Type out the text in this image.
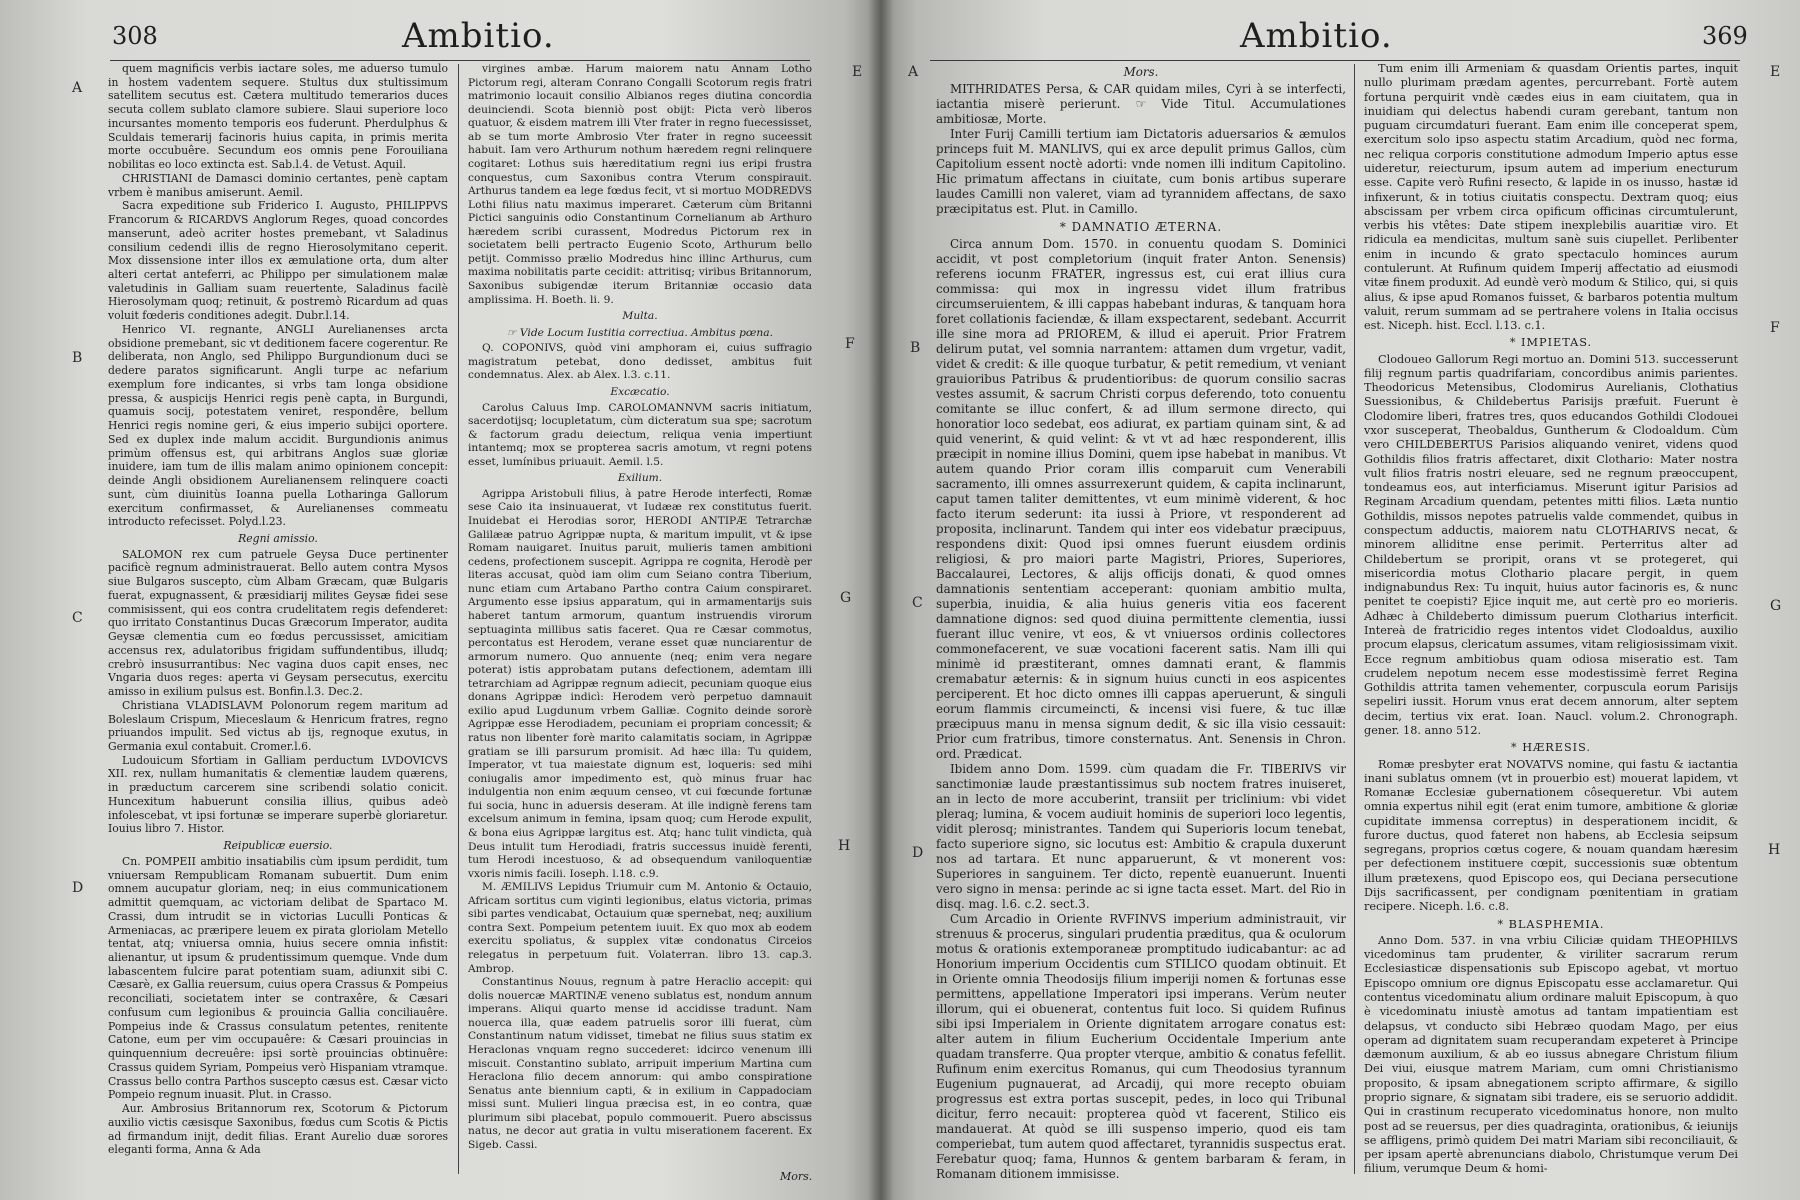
308	Ambitio.
A
B
C
D
E
F
G
H

quem magnificis verbis iactare soles, me aduerso tumulo in hostem vadentem sequere. Stultus dux stultissimum satellitem secutus est. Cætera multitudo temerarios duces secuta collem sublato clamore subiere. Slaui superiore loco incursantes momento temporis eos fuderunt. Pherdulphus & Sculdais temerarij facinoris huius capita, in primis merita morte occubuêre. Secundum eos omnis pene Forouiliana nobilitas eo loco extincta est. Sab.l.4. de Vetust. Aquil.

CHRISTIANI de Damasci dominio certantes, penè captam vrbem è manibus amiserunt. Aemil.

Sacra expeditione sub Friderico I. Augusto, PHILIPPVS Francorum & RICARDVS Anglorum Reges, quoad concordes manserunt, adeò acriter hostes premebant, vt Saladinus consilium cedendi illis de regno Hierosolymitano ceperit. Mox dissensione inter illos ex æmulatione orta, dum alter alteri certat anteferri, ac Philippo per simulationem malæ valetudinis in Galliam suam reuertente, Saladinus facilè Hierosolymam quoq; retinuit, & postremò Ricardum ad quas voluit fœderis conditiones adegit. Dubr.l.14.

Henrico VI. regnante, ANGLI Aurelianenses arcta obsidione premebant, sic vt deditionem facere cogerentur. Re deliberata, non Anglo, sed Philippo Burgundionum duci se dedere paratos significarunt. Angli turpe ac nefarium exemplum fore indicantes, si vrbs tam longa obsidione pressa, & auspicijs Henrici regis penè capta, in Burgundi, quamuis socij, potestatem veniret, respondêre, bellum Henrici regis nomine geri, & eius imperio subijci oportere. Sed ex duplex inde malum accidit. Burgundionis animus primùm offensus est, qui arbitrans Anglos suæ gloriæ inuidere, iam tum de illis malam animo opinionem concepit: deinde Angli obsidionem Aurelianensem relinquere coacti sunt, cùm diuinitùs Ioanna puella Lotharinga Gallorum exercitum confirmasset, & Aurelianenses commeatu introducto refecisset. Polyd.l.23.

Regni amissio.

SALOMON rex cum patruele Geysa Duce pertinenter pacificè regnum administrauerat. Bello autem contra Mysos siue Bulgaros suscepto, cùm Albam Græcam, quæ Bulgaris fuerat, expugnassent, & præsidiarij milites Geysæ fidei sese commisissent, qui eos contra crudelitatem regis defenderet: quo irritato Constantinus Ducas Græcorum Imperator, audita Geysæ clementia cum eo fœdus percussisset, amicitiam accensus rex, adulatoribus frigidam suffundentibus, illudq; crebrò insusurrantibus: Nec vagina duos capit enses, nec Vngaria duos reges: aperta vi Geysam persecutus, exercitu amisso in exilium pulsus est. Bonfin.l.3. Dec.2.

Christiana VLADISLAVM Polonorum regem maritum ad Boleslaum Crispum, Mieceslaum & Henricum fratres, regno priuandos impulit. Sed victus ab ijs, regnoque exutus, in Germania exul contabuit. Cromer.l.6.

Ludouicum Sfortiam in Galliam perductum LVDOVICVS XII. rex, nullam humanitatis & clementiæ laudem quærens, in præductum carcerem sine scribendi solatio conicit. Huncexitum habuerunt consilia illius, quibus adeò infolescebat, vt ipsi fortunæ se imperare superbè gloriaretur. Iouius libro 7. Histor.

Reipublicæ euersio.

Cn. POMPEII ambitio insatiabilis cùm ipsum perdidit, tum vniuersam Rempublicam Romanam subuertit. Dum enim omnem aucupatur gloriam, neq; in eius communicationem admittit quemquam, ac victoriam delibat de Spartaco M. Crassi, dum intrudit se in victorias Luculli Ponticas & Armeniacas, ac præripere leuem ex pirata gloriolam Metello tentat, atq; vniuersa omnia, huius secere omnia infistit: alienantur, ut ipsum & prudentissimum quemque. Vnde dum labascentem fulcire parat potentiam suam, adiunxit sibi C. Cæsarè, ex Gallia reuersum, cuius opera Crassus & Pompeius reconciliati, societatem inter se contraxêre, & Cæsari confusum cum legionibus & prouincia Gallia conciliauêre. Pompeius inde & Crassus consulatum petentes, renitente Catone, eum per vim occupauêre: & Cæsari prouincias in quinquennium decreuêre: ipsi sortè prouincias obtinuêre: Crassus quidem Syriam, Pompeius verò Hispaniam vtramque. Crassus bello contra Parthos suscepto cæsus est. Cæsar victo Pompeio regnum inuasit. Plut. in Crasso.

Aur. Ambrosius Britannorum rex, Scotorum & Pictorum auxilio victis cæsisque Saxonibus, fœdus cum Scotis & Pictis ad firmandum inijt, dedit filias. Erant Aurelio duæ sorores eleganti forma, Anna & Ada

virgines ambæ. Harum maiorem natu Annam Lotho Pictorum regi, alteram Conrano Congalli Scotorum regis fratri matrimonio locauit consilio Albianos reges diutina concordia deuinciendi. Scota bienniò post obijt: Picta verò liberos quatuor, & eisdem matrem illi Vter frater in regno fuecessisset, ab se tum morte Ambrosio Vter frater in regno suceessit habuit. Iam vero Arthurum nothum hæredem regni relinquere cogitaret: Lothus suis hæreditatium regni ius eripi frustra conquestus, cum Saxonibus contra Vterum conspirauit. Arthurus tandem ea lege fœdus fecit, vt si mortuo MODREDVS Lothi filius natu maximus imperaret. Cæterum cùm Britanni Pictici sanguinis odio Constantinum Cornelianum ab Arthuro hæredem scribi curassent, Modredus Pictorum rex in societatem belli pertracto Eugenio Scoto, Arthurum bello petijt. Commisso prælio Modredus hinc illinc Arthurus, cum maxima nobilitatis parte cecidit: attritisq; viribus Britannorum, Saxonibus subigendæ iterum Britanniæ occasio data amplissima. H. Boeth. li. 9.

Multa.

☞ Vide Locum Iustitia correctiua. Ambitus pœna.

Q. COPONIVS, quòd vini amphoram ei, cuius suffragio magistratum petebat, dono dedisset, ambitus fuit condemnatus. Alex. ab Alex. l.3. c.11.

Excæcatio.

Carolus Caluus Imp. CAROLOMANNVM sacris initiatum, sacerdotijsq; locupletatum, cùm dicteratum sua spe; sacrotum & factorum gradu deiectum, reliqua venia impertiunt intantemq; mox se propterea sacris amotum, vt regni potens esset, lumínibus priuauit. Aemil. l.5.

Exilium.

Agrippa Aristobuli filius, à patre Herode interfecti, Romæ sese Caio ita insinuauerat, vt Iudææ rex constitutus fuerit. Inuidebat ei Herodias soror, HERODI ANTIPÆ Tetrarchæ Galilææ patruo Agrippæ nupta, & maritum impulit, vt & ipse Romam nauigaret. Inuitus paruit, mulieris tamen ambitioni cedens, profectionem suscepit. Agrippa re cognita, Herodè per literas accusat, quòd iam olim cum Seiano contra Tiberium, nunc etiam cum Artabano Partho contra Caium conspiraret. Argumento esse ipsius apparatum, qui in armamentarijs suis haberet tantum armorum, quantum instruendis virorum septuaginta millibus satis faceret. Qua re Cæsar commotus, percontatus est Herodem, verane esset quæ nunciarentur de armorum numero. Quo annuente (neq; enim vera negare poterat) istis approbatam putans defectionem, ademtam illi tetrarchiam ad Agrippæ regnum adiecit, pecuniam quoque eius donans Agrippæ indicì: Herodem verò perpetuo damnauit exilio apud Lugdunum vrbem Galliæ. Cognito deinde sororè Agrippæ esse Herodiadem, pecuniam ei propriam concessit; & ratus non libenter forè marito calamitatis sociam, in Agrippæ gratiam se illi parsurum promisit. Ad hæc illa: Tu quidem, Imperator, vt tua maiestate dignum est, loqueris: sed mihi coniugalis amor impedimento est, quò minus fruar hac indulgentia non enim æquum censeo, vt cui fœcunde fortunæ fui socia, hunc in aduersis deseram. At ille indignè ferens tam excelsum animum in femina, ipsam quoq; cum Herode expulit, & bona eius Agrippæ largitus est. Atq; hanc tulit vindicta, quà Deus intulit tum Herodiadi, fratris successus inuidè ferenti, tum Herodi incestuoso, & ad obsequendum vaniloquentiæ vxoris nimis facili. Ioseph. l.18. c.9.

M. ÆMILIVS Lepidus Triumuir cum M. Antonio & Octauio, Africam sortitus cum viginti legionibus, elatus victoria, primas sibi partes vendicabat, Octauium quæ spernebat, neq; auxilium contra Sext. Pompeium petentem iuuit. Ex quo mox ab eodem exercitu spoliatus, & supplex vitæ condonatus Circeios relegatus in perpetuum fuit. Volaterran. libro 13. cap.3. Ambrop.

Constantinus Nouus, regnum à patre Heraclio accepit: qui dolis nouercæ MARTINÆ veneno sublatus est, nondum annum imperans. Aliqui quarto mense id accidisse tradunt. Nam nouerca illa, quæ eadem patruelis soror illi fuerat, cùm Constantinum natum vidisset, timebat ne filius suus statim ex Heraclonas vnquam regno succederet: idcirco venenum illi miscuit. Constantino sublato, arripuit imperium Martina cum Heraclona filio decem annorum: qui ambo conspiratione Senatus ante biennium capti, & in exilium in Cappadociam missi sunt. Mulieri lingua præcisa est, in eo contra, quæ plurimum sibi placebat, populo commouerit. Puero abscissus natus, ne decor aut gratia in vultu miserationem facerent. Ex Sigeb. Cassi.

Mors.
Ambitio.	369
A
B
C
D
E
F
G
H

Mors.

MITHRIDATES Persa, & CAR quidam miles, Cyri à se interfecti, iactantia miserè perierunt. ☞ Vide Titul. Accumulationes ambitiosæ, Morte.

Inter Furij Camilli tertium iam Dictatoris aduersarios & æmulos princeps fuit M. MANLIVS, qui ex arce depulit primus Gallos, cùm Capitolium essent noctè adorti: vnde nomen illi inditum Capitolino. Hic primatum affectans in ciuitate, cum bonis artibus superare laudes Camilli non valeret, viam ad tyrannidem affectans, de saxo præcipitatus est. Plut. in Camillo.

* DAMNATIO ÆTERNA.

Circa annum Dom. 1570. in conuentu quodam S. Dominici accidit, vt post completorium (inquit frater Anton. Senensis) referens iocunm FRATER, ingressus est, cui erat illius cura commissa: qui mox in ingressu videt illum fratribus circumseruientem, & illi cappas habebant induras, & tanquam hora foret collationis faciendæ, & illam exspectarent, sedebant. Accurrit ille sine mora ad PRIOREM, & illud ei aperuit. Prior Fratrem delirum putat, vel somnia narrantem: attamen dum vrgetur, vadit, videt & credit: & ille quoque turbatur, & petit remedium, vt veniant grauioribus Patribus & prudentioribus: de quorum consilio sacras vestes assumit, & sacrum Christi corpus deferendo, toto conuentu comitante se illuc confert, & ad illum sermone directo, qui honoratior loco sedebat, eos adiurat, ex partiam quinam sint, & ad quid venerint, & quid velint: & vt vt ad hæc responderent, illis præcipit in nomine illius Domini, quem ipse habebat in manibus. Vt autem quando Prior coram illis comparuit cum Venerabili sacramento, illi omnes assurrexerunt quidem, & capita inclinarunt, caput tamen taliter demittentes, vt eum minimè viderent, & hoc facto iterum sederunt: ita iussi à Priore, vt responderent ad proposita, inclinarunt. Tandem qui inter eos videbatur præcipuus, respondens dixit: Quod ipsi omnes fuerunt eiusdem ordinis religiosi, & pro maiori parte Magistri, Priores, Superiores, Baccalaurei, Lectores, & alijs officijs donati, & quod omnes damnationis sententiam acceperant: quoniam ambitio multa, superbia, inuidia, & alia huius generis vitia eos facerent damnatione dignos: sed quod diuina permittente clementia, iussi fuerant illuc venire, vt eos, & vt vniuersos ordinis collectores commonefacerent, ve suæ vocationi facerent satis. Nam illi qui minimè id præstiterant, omnes damnati erant, & flammis cremabatur æternis: & in signum huius cuncti in eos aspicentes perciperent. Et hoc dicto omnes illi cappas aperuerunt, & singuli eorum flammis circumeincti, & incensi visi fuere, & tuc illæ præcipuus manu in mensa signum dedit, & sic illa visio cessauit: Prior cum fratribus, timore consternatus. Ant. Senensis in Chron. ord. Prædicat.

Ibidem anno Dom. 1599. cùm quadam die Fr. TIBERIVS vir sanctimoniæ laude præstantissimus sub noctem fratres inuiseret, an in lecto de more accuberint, transiit per triclinium: vbi videt pleraq; lumina, & vocem audiuit hominis de superiori loco legentis, vidit plerosq; ministrantes. Tandem qui Superioris locum tenebat, facto superiore signo, sic locutus est: Ambitio & crapula duxerunt nos ad tartara. Et nunc apparuerunt, & vt monerent vos: Superiores in sanguinem. Ter dicto, repentè euanuerunt. Inuenti vero signo in mensa: perinde ac si igne tacta esset. Mart. del Rio in disq. mag. l.6. c.2. sect.3.

Cum Arcadio in Oriente RVFINVS imperium administrauit, vir strenuus & procerus, singulari prudentia præditus, qua & oculorum motus & orationis extemporaneæ promptitudo iudicabantur: ac ad Honorium imperium Occidentis cum STILICO quodam obtinuit. Et in Oriente omnia Theodosijs filium imperiji nomen & fortunas esse permittens, appellatione Imperatori ipsi imperans. Verùm neuter illorum, qui ei obuenerat, contentus fuit loco. Si quidem Rufinus sibi ipsi Imperialem in Oriente dignitatem arrogare conatus est: alter autem in filium Eucherium Occidentale Imperium ante quadam transferre. Qua propter vterque, ambitio & conatus fefellit. Rufinum enim exercitus Romanus, qui cum Theodosius tyrannum Eugenium pugnauerat, ad Arcadij, qui more recepto obuiam progressus est extra portas suscepit, pedes, in loco qui Tribunal dicitur, ferro necauit: propterea quòd vt facerent, Stilico eis mandauerat. At quòd se illi suspenso imperio, quod eis tam comperiebat, tum autem quod affectaret, tyrannidis suspectus erat. Ferebatur quoq; fama, Hunnos & gentem barbaram & feram, in Romanam ditionem immisisse.

Tum enim illi Armeniam & quasdam Orientis partes, inquit nullo plurimam prædam agentes, percurrebant. Fortè autem fortuna perquirit vndè cædes eius in eam ciuitatem, qua in inuidiam qui delectus habendi curam gerebant, tantum non puguam circumdaturi fuerant. Eam enim ille conceperat spem, exercitum solo ipso aspectu statim Arcadium, quòd nec forma, nec reliqua corporis constitutione admodum Imperio aptus esse uideretur, reiecturum, ipsum autem ad imperium enecturum esse. Capite verò Rufini resecto, & lapide in os inusso, hastæ id infixerunt, & in totius ciuitatis conspectu. Dextram quoq; eius abscissam per vrbem circa opificum officinas circumtulerunt, verbis his vtêtes: Date stipem inexplebilis auaritiæ viro. Et ridicula ea mendicitas, multum sanè suis ciupellet. Perlibenter enim in incundo & grato spectaculo hominces aurum contulerunt. At Rufinum quidem Imperij affectatio ad eiusmodi vitæ finem produxit. Ad eundè verò modum & Stilico, qui, si quis alius, & ipse apud Romanos fuisset, & barbaros potentia multum valuit, rerum summam ad se pertrahere volens in Italia occisus est. Niceph. hist. Eccl. l.13. c.1.

* IMPIETAS.

Clodoueo Gallorum Regi mortuo an. Domini 513. successerunt filij regnum partis quadrifariam, concordibus animis parientes. Theodoricus Metensibus, Clodomirus Aurelianis, Clothatius Suessionibus, & Childebertus Parisijs præfuit. Fuerunt è Clodomire liberi, fratres tres, quos educandos Gothildi Clodouei vxor susceperat, Theobaldus, Guntherum & Clodoaldum. Cùm vero CHILDEBERTUS Parisios aliquando veniret, videns quod Gothildis filios fratris affectaret, dixit Clothario: Mater nostra vult filios fratris nostri eleuare, sed ne regnum præoccupent, tondeamus eos, aut interficiamus. Miserunt igitur Parisios ad Reginam Arcadium quendam, petentes mitti filios. Læta nuntio Gothildis, missos nepotes patruelis valde commendet, quibus in conspectum adductis, maiorem natu CLOTHARIVS necat, & minorem alliditne ense perimit. Perterritus alter ad Childebertum se proripit, orans vt se protegeret, qui misericordia motus Clothario placare pergit, in quem indignabundus Rex: Tu inquit, huius autor facinoris es, & nunc penitet te coepisti? Ejice inquit me, aut certè pro eo morieris. Adhæc à Childeberto dimissum puerum Clotharius interficit. Intereà de fratricidio reges intentos videt Clodoaldus, auxilio procum elapsus, clericatum assumes, vitam religiosissimam vixit. Ecce regnum ambitiobus quam odiosa miseratio est. Tam crudelem nepotum necem esse modestissimè ferret Regina Gothildis attrita tamen vehementer, corpuscula eorum Parisijs sepeliri iussit. Horum vnus erat decem annorum, alter septem decim, tertius vix erat. Ioan. Naucl. volum.2. Chronograph. gener. 18. anno 512.

* HÆRESIS.

Romæ presbyter erat NOVATVS nomine, qui fastu & iactantia inani sublatus omnem (vt in prouerbio est) mouerat lapidem, vt Romanæ Ecclesiæ gubernationem côsequeretur. Vbi autem omnia expertus nihil egit (erat enim tumore, ambitione & gloriæ cupiditate immensa correptus) in desperationem incidit, & furore ductus, quod fateret non habens, ab Ecclesia seipsum segregans, proprios cœtus cogere, & nouam quandam hæresim per defectionem instituere cœpit, successionis suæ obtentum illum prætexens, quod Episcopo eos, qui Deciana persecutione Dijs sacrificassent, per condignam pœnitentiam in gratiam recipere. Niceph. l.6. c.8.

* BLASPHEMIA.

Anno Dom. 537. in vna vrbiu Ciliciæ quidam THEOPHILVS vicedominus tam prudenter, & viriliter sacrarum rerum Ecclesiasticæ dispensationis sub Episcopo agebat, vt mortuo Episcopo omnium ore dignus Episcopatu esse acclamaretur. Qui contentus vicedominatu alium ordinare maluit Episcopum, à quo è vicedominatu iniustè amotus ad tantam impatientiam est delapsus, vt conducto sibi Hebræo quodam Mago, per eius operam ad dignitatem suam recuperandam expeteret à Principe dæmonum auxilium, & ab eo iussus abnegare Christum filium Dei viui, eiusque matrem Mariam, cum omni Christianismo proposito, & ipsam abnegationem scripto affirmare, & sigillo proprio signare, & signatam sibi tradere, eis se seruorio addidit. Qui in crastinum recuperato vicedominatus honore, non multo post ad se reuersus, per dies quadraginta, orationibus, & ieiunijs se affligens, primò quidem Dei matri Mariam sibi reconciliauit, & per ipsam apertè abrenuncians diabolo, Christumque verum Dei filium, verumque Deum & homi-
